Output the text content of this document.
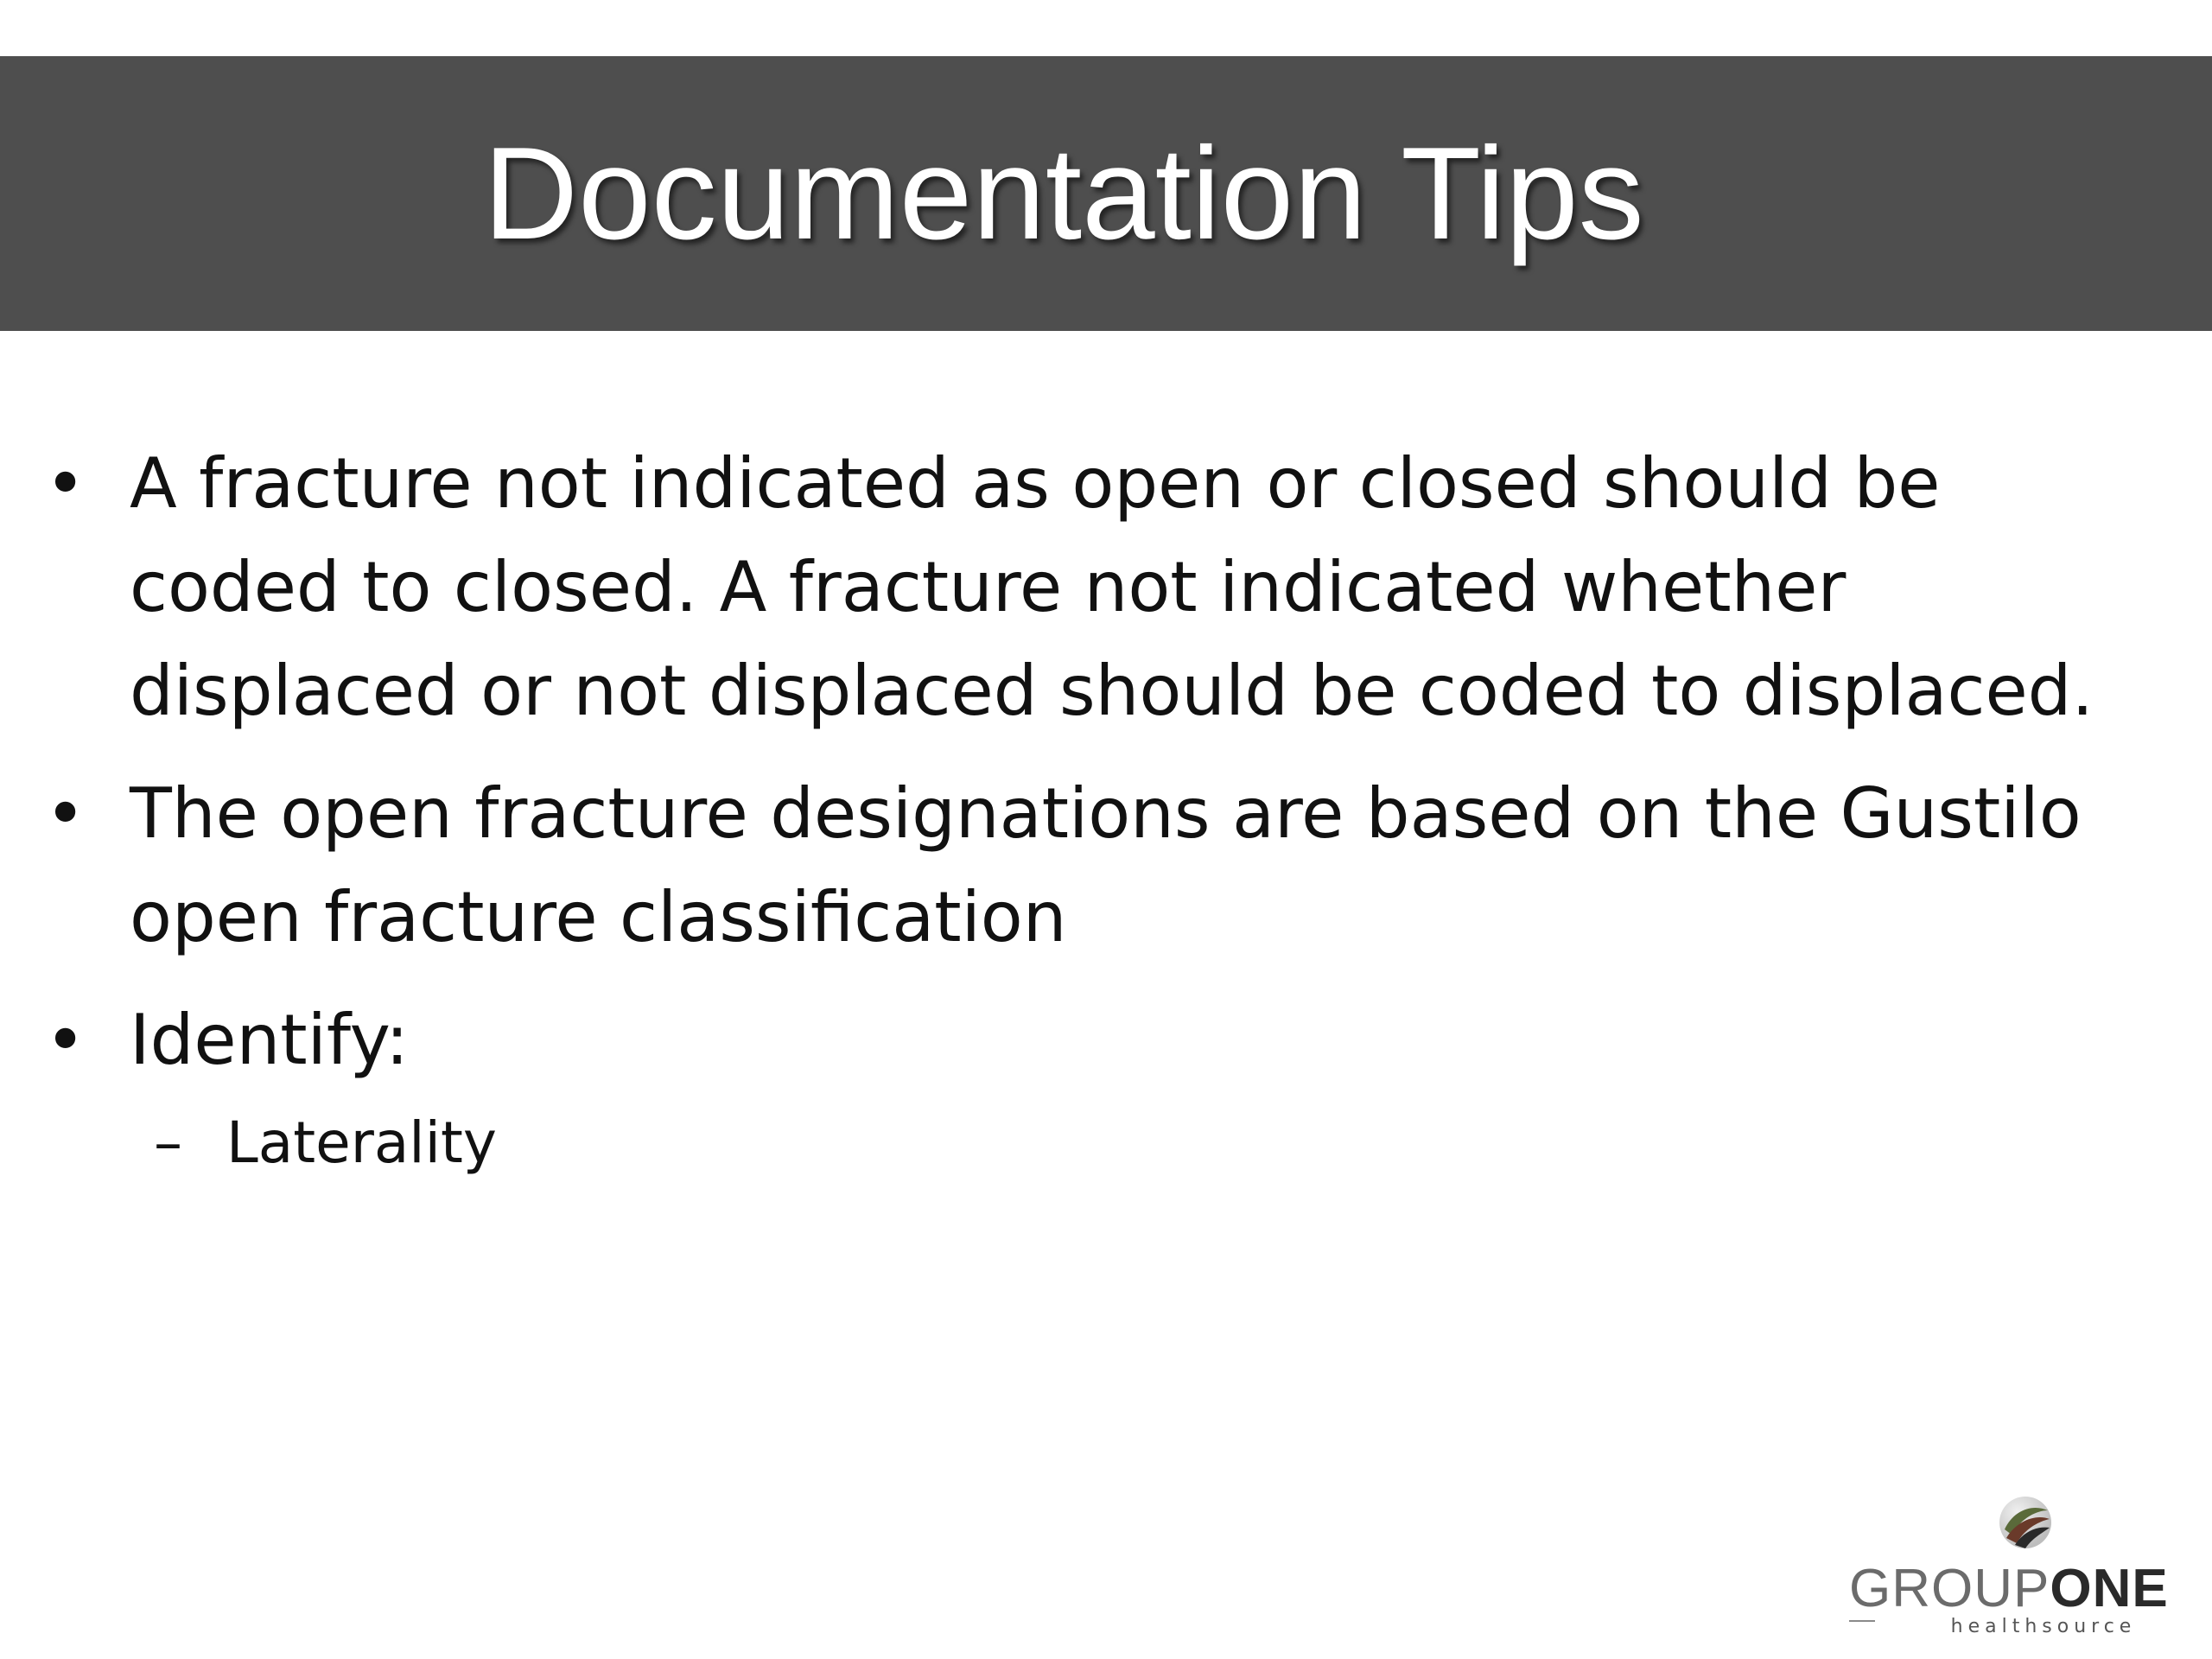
Documentation Tips
• A fracture not indicated as open or closed should be coded to closed. A fracture not indicated whether displaced or not displaced should be coded to displaced.
• The open fracture designations are based on the Gustilo open fracture classification
• Identify:
– Laterality
GROUPONE
healthsource
